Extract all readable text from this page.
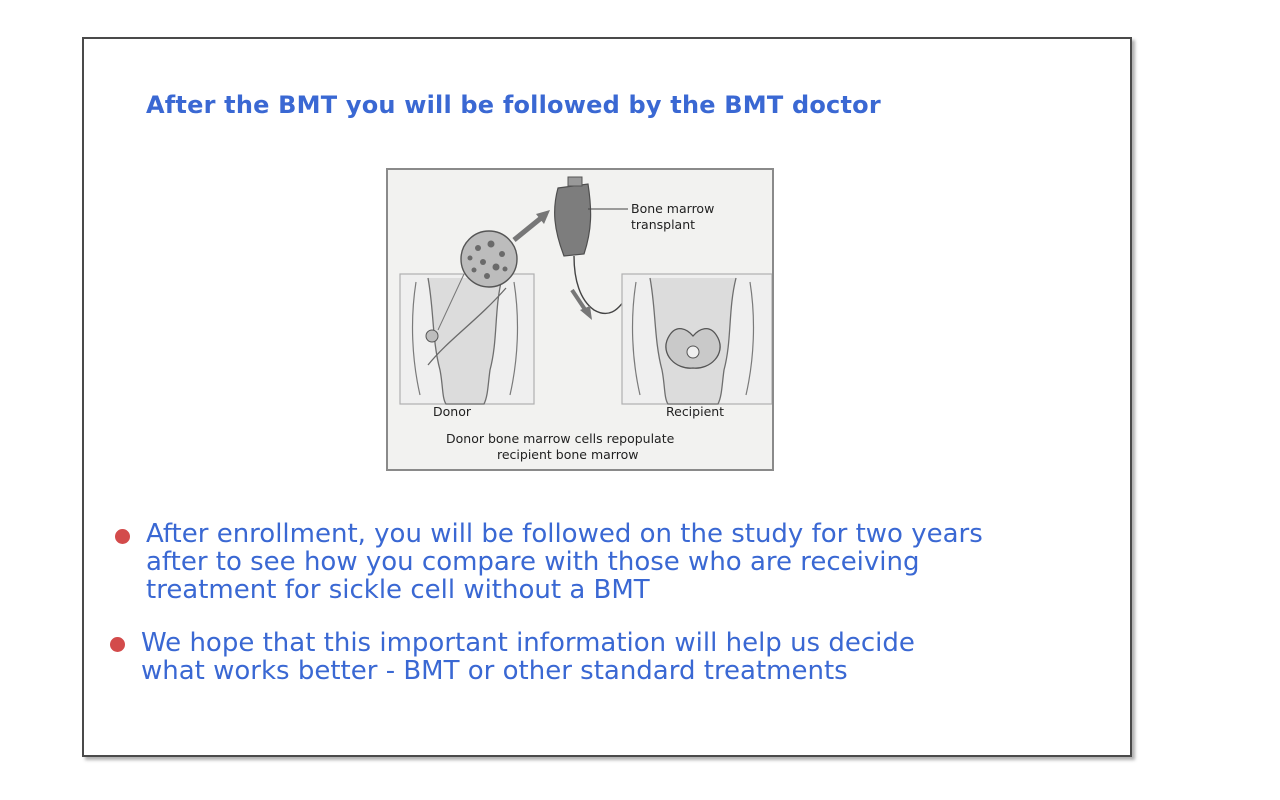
After the BMT you will be followed by the BMT doctor
Bone marrow
transplant
Donor	Recipient
Donor bone marrow cells repopulate
recipient bone marrow
After enrollment, you will be followed on the study for two years
after to see how you compare with those who are receiving
treatment for sickle cell without a BMT
We hope that this important information will help us decide
what works better - BMT or other standard treatments
